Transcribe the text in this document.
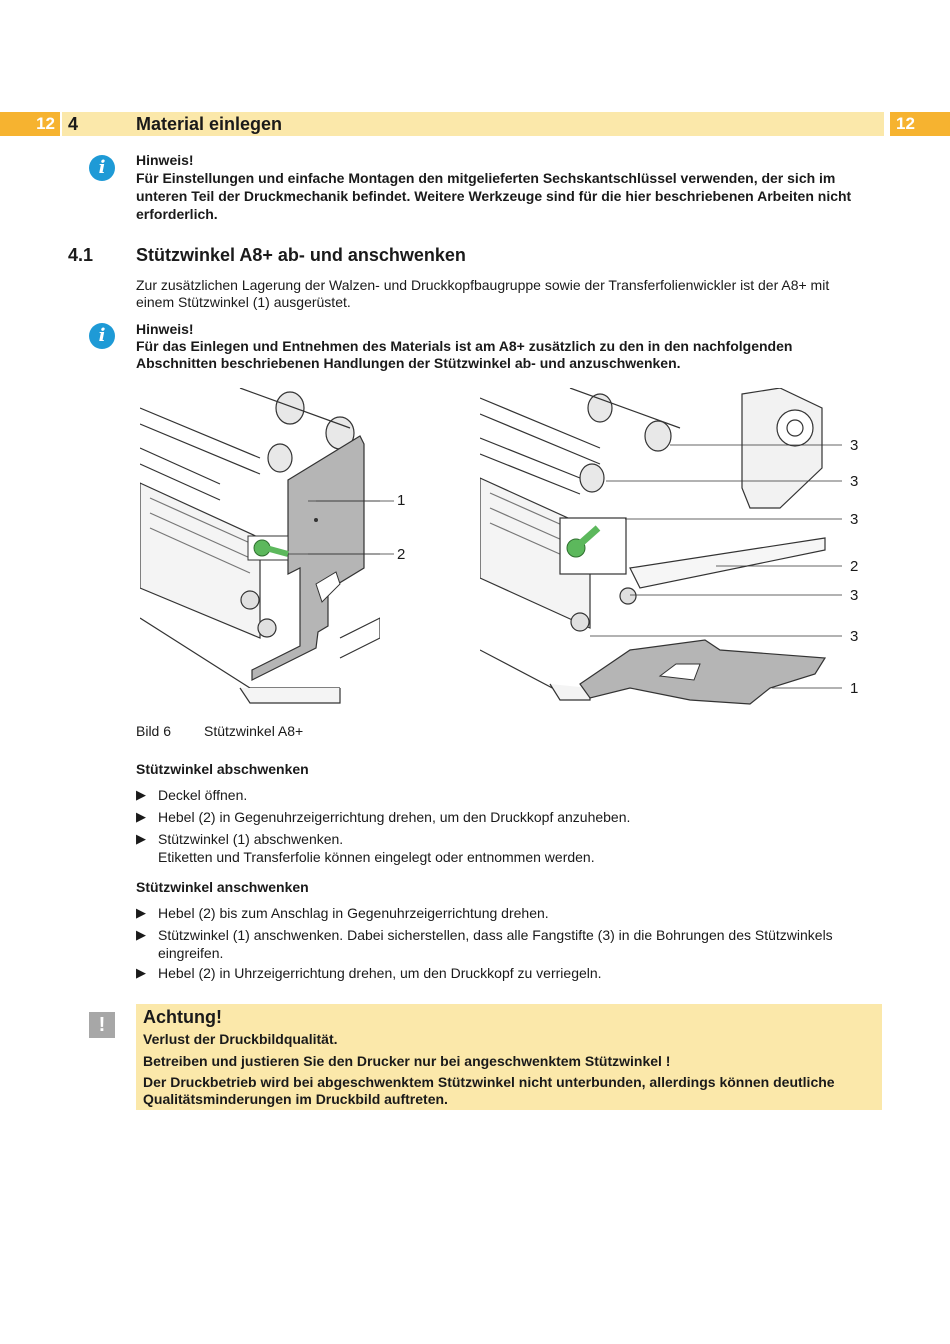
12 4	Material einlegen	12
i	Hinweis!
Für Einstellungen und einfache Montagen den mitgelieferten Sechskantschlüssel verwenden, der sich im
unteren Teil der Druckmechanik befindet. Weitere Werkzeuge sind für die hier beschriebenen Arbeiten nicht
erforderlich.
4.1 Stützwinkel A8+ ab- und anschwenken
Zur zusätzlichen Lagerung der Walzen- und Druckkopfbaugruppe sowie der Transferfolienwickler ist der A8+ mit
einem Stützwinkel (1) ausgerüstet.
i	Hinweis!
Für das Einlegen und Entnehmen des Materials ist am A8+ zusätzlich zu den in den nachfolgenden
Abschnitten beschriebenen Handlungen der Stützwinkel ab- und anzuschwenken.
1
2
3
3
3
2
3
3
1
Bild 6 Stützwinkel A8+
Stützwinkel abschwenken
▶ Deckel öffnen.
▶ Hebel (2) in Gegenuhrzeigerrichtung drehen, um den Druckkopf anzuheben.
▶ Stützwinkel (1) abschwenken.
Etiketten und Transferfolie können eingelegt oder entnommen werden.
Stützwinkel anschwenken
▶ Hebel (2) bis zum Anschlag in Gegenuhrzeigerrichtung drehen.
▶ Stützwinkel (1) anschwenken. Dabei sicherstellen, dass alle Fangstifte (3) in die Bohrungen des Stützwinkels
eingreifen.
▶ Hebel (2) in Uhrzeigerrichtung drehen, um den Druckkopf zu verriegeln.
!	Achtung!
Verlust der Druckbildqualität.
Betreiben und justieren Sie den Drucker nur bei angeschwenktem Stützwinkel !
Der Druckbetrieb wird bei abgeschwenktem Stützwinkel nicht unterbunden, allerdings können deutliche
Qualitätsminderungen im Druckbild auftreten.
